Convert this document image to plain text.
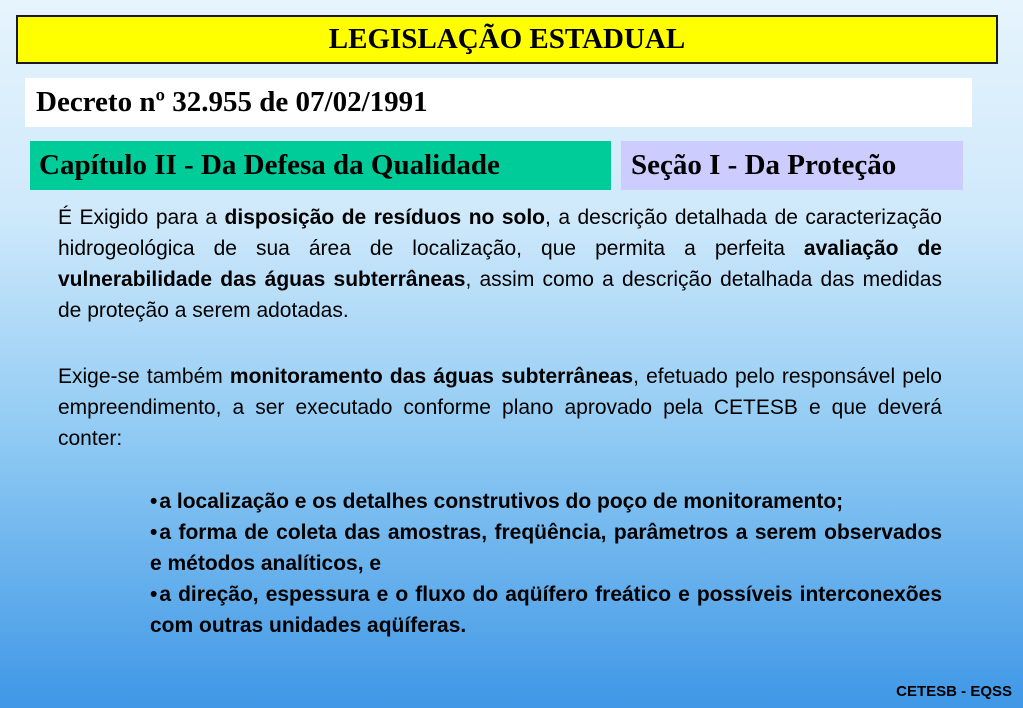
LEGISLAÇÃO ESTADUAL
Decreto nº 32.955 de 07/02/1991
Capítulo II - Da Defesa da Qualidade	Seção I - Da Proteção

É Exigido para a disposição de resíduos no solo, a descrição detalhada de caracterização hidrogeológica de sua área de localização, que permita a perfeita avaliação de vulnerabilidade das águas subterrâneas, assim como a descrição detalhada das medidas de proteção a serem adotadas.

Exige-se também monitoramento das águas subterrâneas, efetuado pelo responsável pelo empreendimento, a ser executado conforme plano aprovado pela CETESB e que deverá conter:

•a localização e os detalhes construtivos do poço de monitoramento;
•a forma de coleta das amostras, freqüência, parâmetros a serem observados e métodos analíticos, e
•a direção, espessura e o fluxo do aqüífero freático e possíveis interconexões com outras unidades aqüíferas.
CETESB - EQSS
